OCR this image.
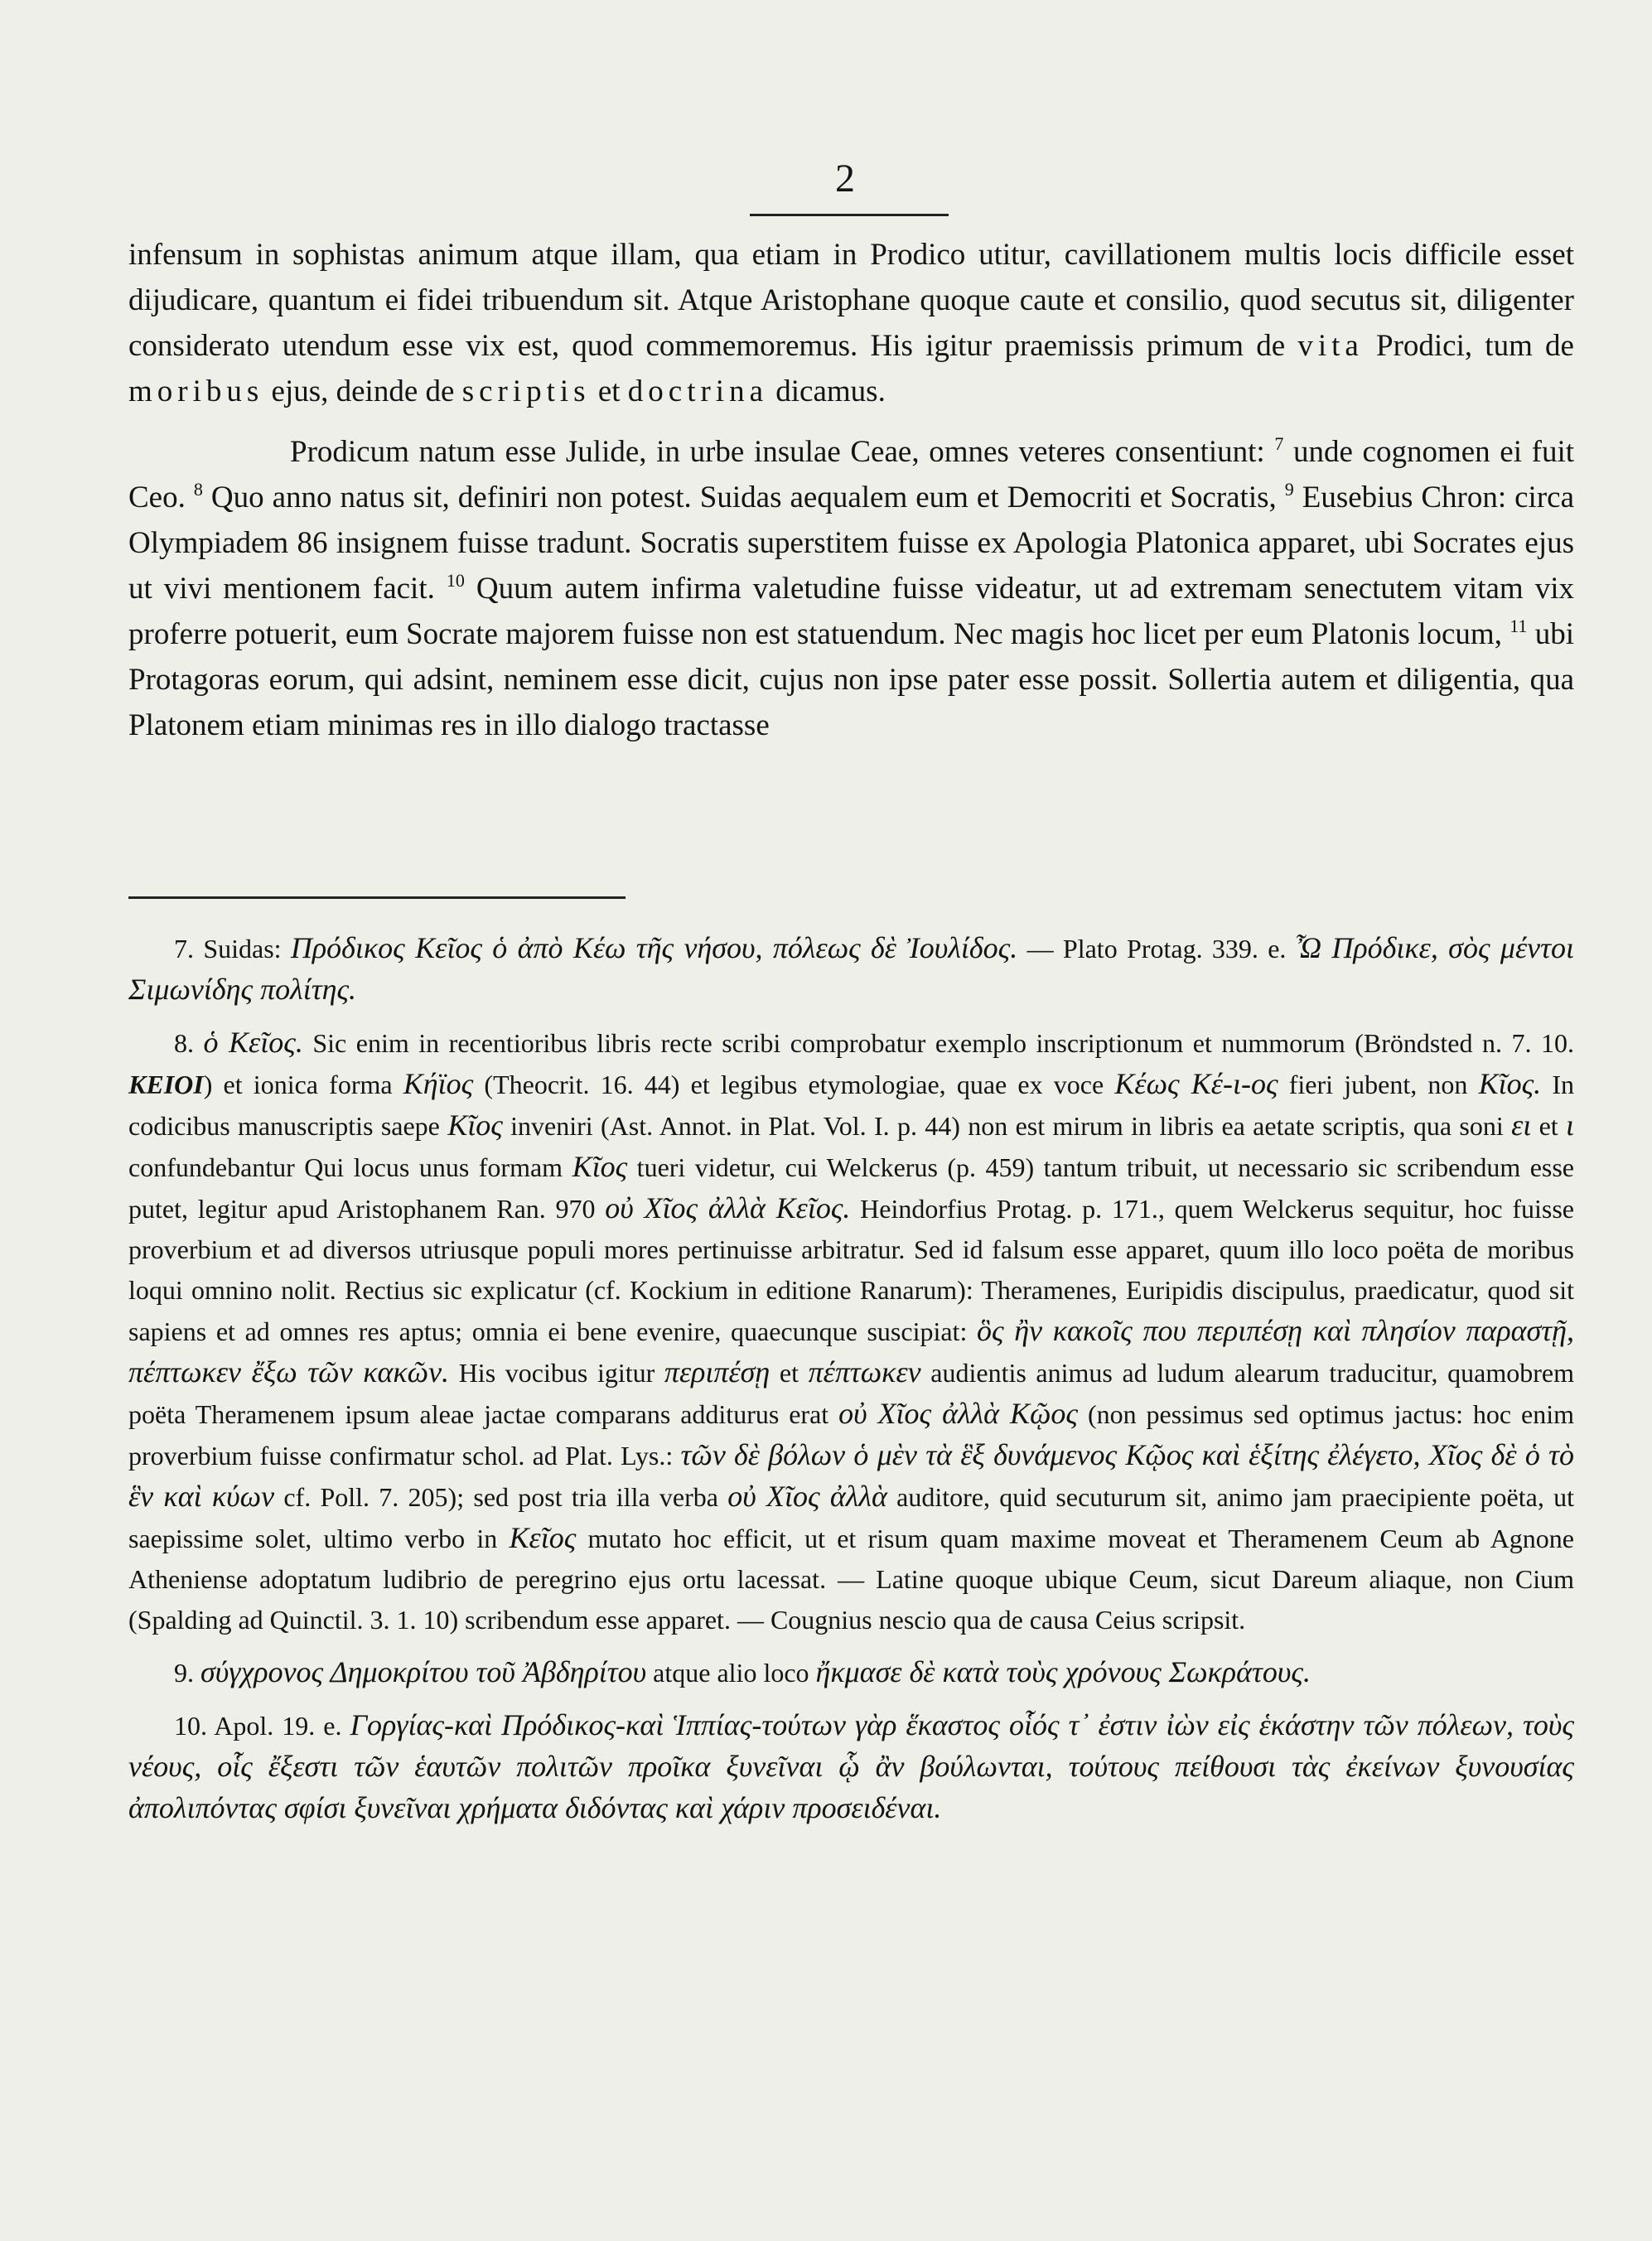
2

infensum in sophistas animum atque illam, qua etiam in Prodico utitur, cavillationem multis locis difficile esset dijudicare, quantum ei fidei tribuendum sit. Atque Aristophane quoque caute et consilio, quod secutus sit, diligenter considerato utendum esse vix est, quod commemoremus. His igitur praemissis primum de vita Prodici, tum de moribus ejus, deinde de scriptis et doctrina dicamus.

Prodicum natum esse Julide, in urbe insulae Ceae, omnes veteres consentiunt: $^7$ unde cognomen ei fuit Ceo. $^8$ Quo anno natus sit, definiri non potest. Suidas aequalem eum et Democriti et Socratis, $^9$ Eusebius Chron: circa Olympiadem 86 insignem fuisse tradunt. Socratis superstitem fuisse ex Apologia Platonica apparet, ubi Socrates ejus ut vivi mentionem facit. $^{10}$ Quum autem infirma valetudine fuisse videatur, ut ad extremam senectutem vitam vix proferre potuerit, eum Socrate majorem fuisse non est statuendum. Nec magis hoc licet per eum Platonis locum, $^{11}$ ubi Protagoras eorum, qui adsint, neminem esse dicit, cujus non ipse pater esse possit. Sollertia autem et diligentia, qua Platonem etiam minimas res in illo dialogo tractasse

7. Suidas: Πρόδικος Κεῖος ὁ ἀπὸ Κέω τῆς νήσου, πόλεως δὲ Ἰουλίδος. — Plato Protag. 339. e. Ὦ Πρόδικε, σὸς μέντοι Σιμωνίδης πολίτης.

8. ὁ Κεῖος. Sic enim in recentioribus libris recte scribi comprobatur exemplo inscriptionum et nummorum (Bröndsted n. 7. 10. ΚΕΙΟΙ) et ionica forma Κήϊος (Theocrit. 16. 44) et legibus etymologiae, quae ex voce Κέως Κέ-ι-ος fieri jubent, non Κῖος. In codicibus manuscriptis saepe Κῖος inveniri (Ast. Annot. in Plat. Vol. I. p. 44) non est mirum in libris ea aetate scriptis, qua soni ει et ι confundebantur Qui locus unus formam Κῖος tueri videtur, cui Welckerus (p. 459) tantum tribuit, ut necessario sic scribendum esse putet, legitur apud Aristophanem Ran. 970 οὐ Χῖος ἀλλὰ Κεῖος. Heindorfius Protag. p. 171., quem Welckerus sequitur, hoc fuisse proverbium et ad diversos utriusque populi mores pertinuisse arbitratur. Sed id falsum esse apparet, quum illo loco poëta de moribus loqui omnino nolit. Rectius sic explicatur (cf. Kockium in editione Ranarum): Theramenes, Euripidis discipulus, praedicatur, quod sit sapiens et ad omnes res aptus; omnia ei bene evenire, quaecunque suscipiat: ὃς ἢν κακοῖς που περιπέσῃ καὶ πλησίον παραστῇ, πέπτωκεν ἔξω τῶν κακῶν. His vocibus igitur περιπέσῃ et πέπτωκεν audientis animus ad ludum alearum traducitur, quamobrem poëta Theramenem ipsum aleae jactae comparans additurus erat οὐ Χῖος ἀλλὰ Κῷος (non pessimus sed optimus jactus: hoc enim proverbium fuisse confirmatur schol. ad Plat. Lys.: τῶν δὲ βόλων ὁ μὲν τὰ ἓξ δυνάμενος Κῷος καὶ ἑξίτης ἐλέγετο, Χῖος δὲ ὁ τὸ ἓν καὶ κύων cf. Poll. 7. 205); sed post tria illa verba οὐ Χῖος ἀλλὰ auditore, quid secuturum sit, animo jam praecipiente poëta, ut saepissime solet, ultimo verbo in Κεῖος mutato hoc efficit, ut et risum quam maxime moveat et Theramenem Ceum ab Agnone Atheniense adoptatum ludibrio de peregrino ejus ortu lacessat. — Latine quoque ubique Ceum, sicut Dareum aliaque, non Cium (Spalding ad Quinctil. 3. 1. 10) scribendum esse apparet. — Cougnius nescio qua de causa Ceius scripsit.

9. σύγχρονος Δημοκρίτου τοῦ Ἀβδηρίτου atque alio loco ἤκμασε δὲ κατὰ τοὺς χρόνους Σωκράτους.

10. Apol. 19. e. Γοργίας-καὶ Πρόδικος-καὶ Ἱππίας-τούτων γὰρ ἕκαστος οἷός τ᾽ ἐστιν ἰὼν εἰς ἑκάστην τῶν πόλεων, τοὺς νέους, οἷς ἔξεστι τῶν ἑαυτῶν πολιτῶν προῖκα ξυνεῖναι ᾧ ἂν βούλωνται, τούτους πείθουσι τὰς ἐκείνων ξυνουσίας ἀπολιπόντας σφίσι ξυνεῖναι χρήματα διδόντας καὶ χάριν προσειδέναι.
